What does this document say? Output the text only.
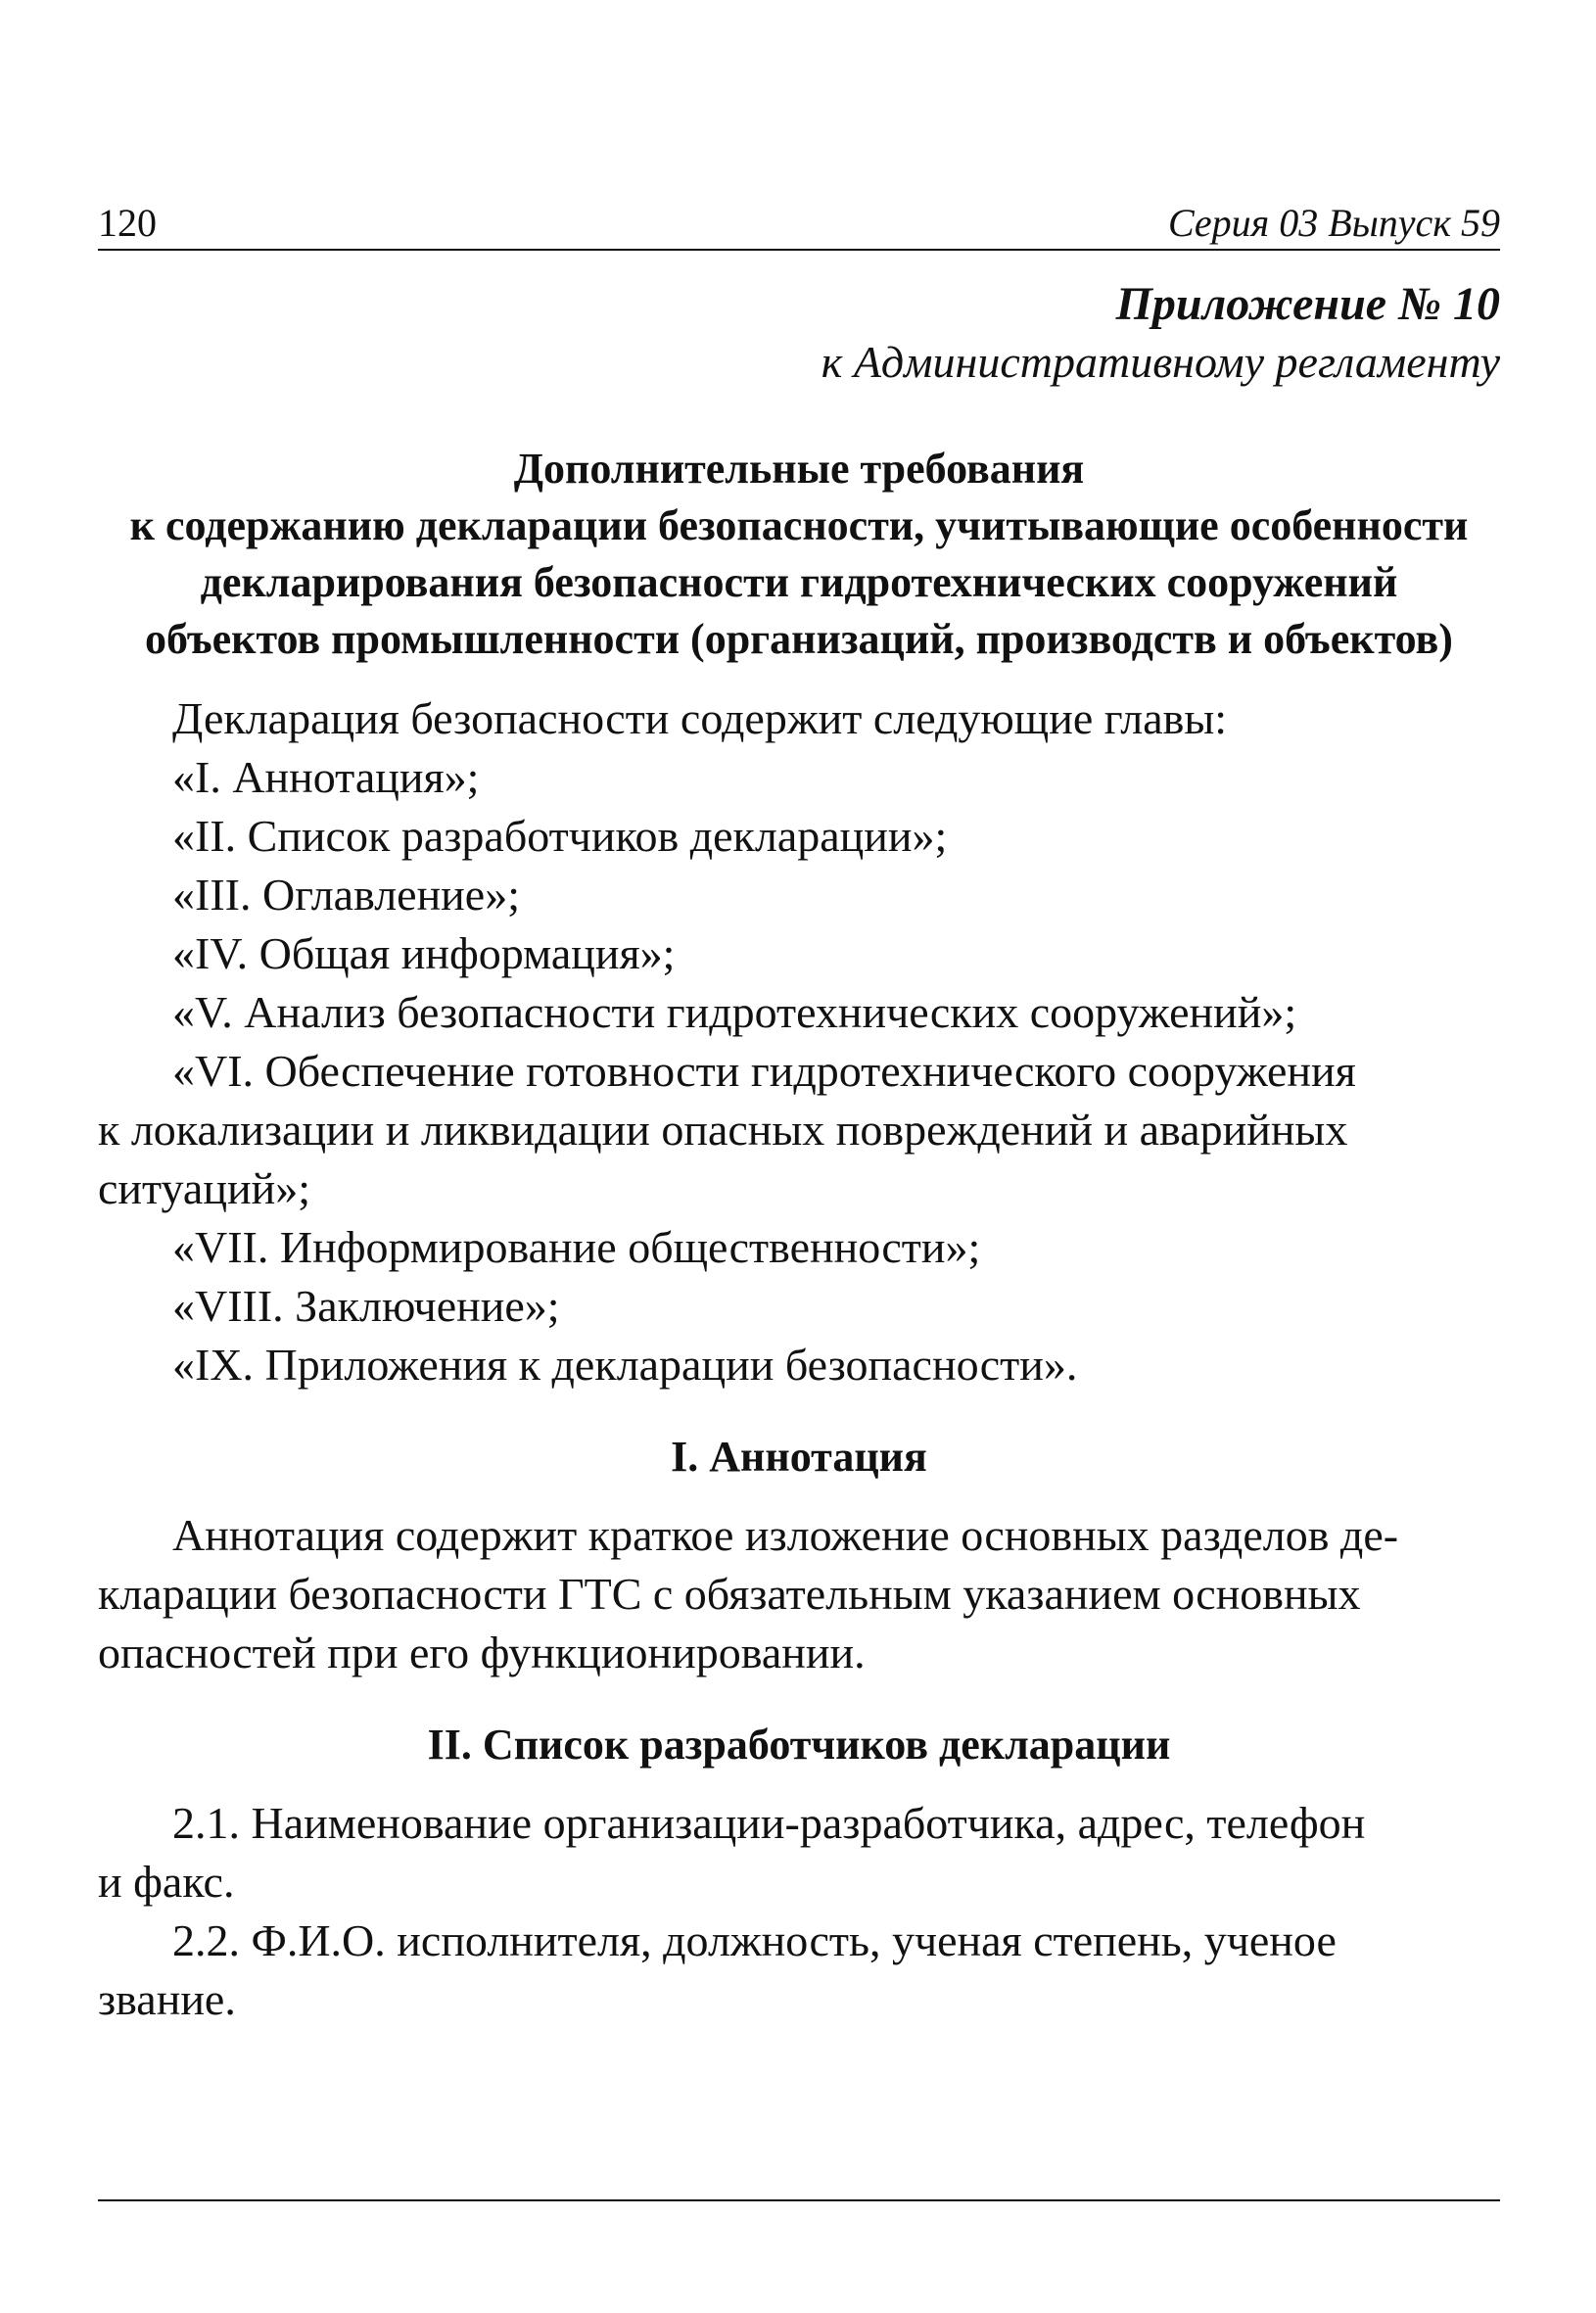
120	Серия 03 Выпуск 59
Приложение № 10
к Административному регламенту
Дополнительные требования
к содержанию декларации безопасности, учитывающие особенности
декларирования безопасности гидротехнических сооружений
объектов промышленности (организаций, производств и объектов)
Декларация безопасности содержит следующие главы:
«I. Аннотация»;
«II. Список разработчиков декларации»;
«III. Оглавление»;
«IV. Общая информация»;
«V. Анализ безопасности гидротехнических сооружений»;
«VI. Обеспечение готовности гидротехнического сооружения
к локализации и ликвидации опасных повреждений и аварийных
ситуаций»;
«VII. Информирование общественности»;
«VIII. Заключение»;
«IX. Приложения к декларации безопасности».
I. Аннотация
Аннотация содержит краткое изложение основных разделов де-
кларации безопасности ГТС с обязательным указанием основных
опасностей при его функционировании.
II. Список разработчиков декларации
2.1. Наименование организации-разработчика, адрес, телефон
и факс.
2.2. Ф.И.О. исполнителя, должность, ученая степень, ученое
звание.
